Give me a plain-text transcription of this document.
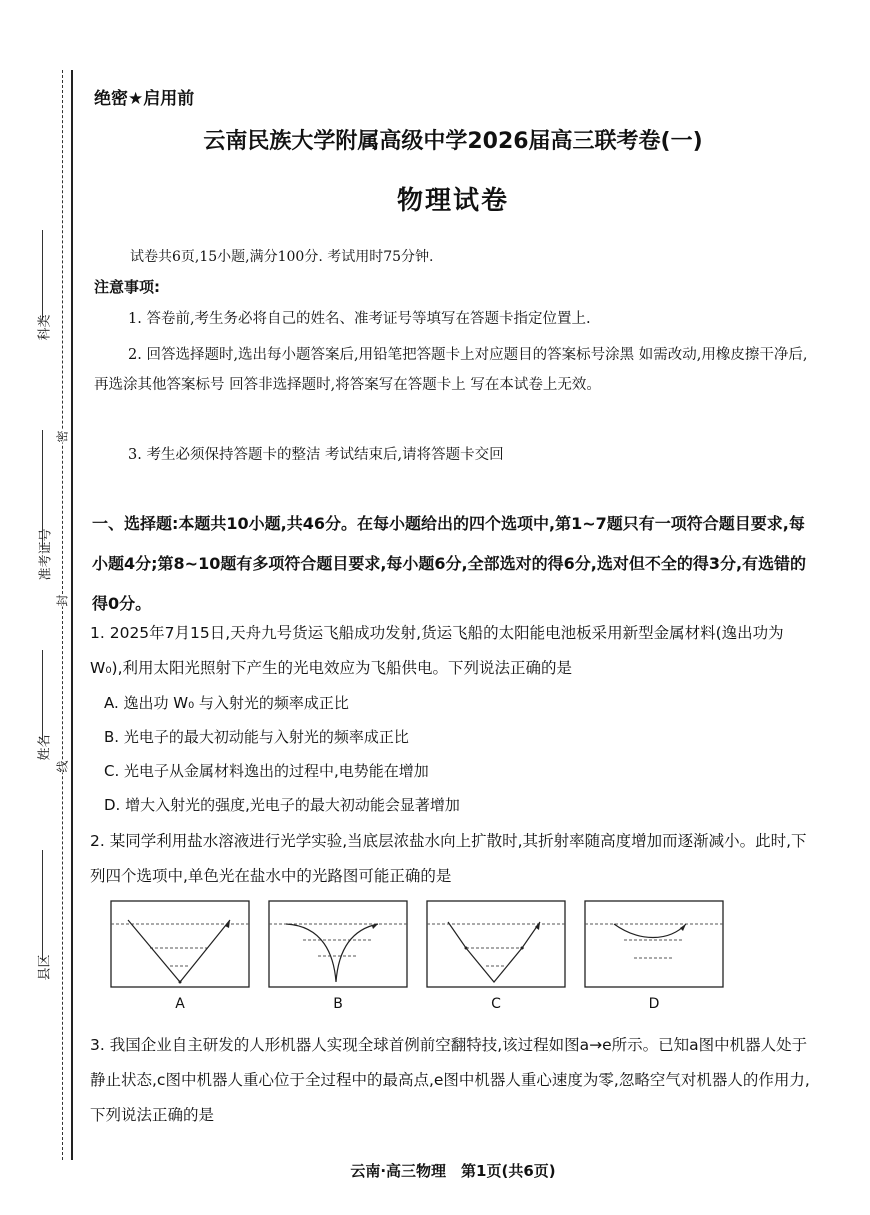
科类
准考证号
姓名
县区
密
封
线
绝密★启用前
云南民族大学附属高级中学2026届高三联考卷(一)
物理试卷
试卷共6页,15小题,满分100分. 考试用时75分钟.
注意事项:
1. 答卷前,考生务必将自己的姓名、准考证号等填写在答题卡指定位置上.
2. 回答选择题时,选出每小题答案后,用铅笔把答题卡上对应题目的答案标号涂黑 如需改动,用橡皮擦干净后,再选涂其他答案标号 回答非选择题时,将答案写在答题卡上 写在本试卷上无效。
3. 考生必须保持答题卡的整洁 考试结束后,请将答题卡交回
一、选择题:本题共10小题,共46分。在每小题给出的四个选项中,第1~7题只有一项符合题目要求,每小题4分;第8~10题有多项符合题目要求,每小题6分,全部选对的得6分,选对但不全的得3分,有选错的得0分。
1. 2025年7月15日,天舟九号货运飞船成功发射,货运飞船的太阳能电池板采用新型金属材料(逸出功为W₀),利用太阳光照射下产生的光电效应为飞船供电。下列说法正确的是
A. 逸出功 W₀ 与入射光的频率成正比
B. 光电子的最大初动能与入射光的频率成正比
C. 光电子从金属材料逸出的过程中,电势能在增加
D. 增大入射光的强度,光电子的最大初动能会显著增加
2. 某同学利用盐水溶液进行光学实验,当底层浓盐水向上扩散时,其折射率随高度增加而逐渐减小。此时,下列四个选项中,单色光在盐水中的光路图可能正确的是
A	B	C	D
3. 我国企业自主研发的人形机器人实现全球首例前空翻特技,该过程如图a→e所示。已知a图中机器人处于静止状态,c图中机器人重心位于全过程中的最高点,e图中机器人重心速度为零,忽略空气对机器人的作用力,下列说法正确的是
云南·高三物理　第1页(共6页)
